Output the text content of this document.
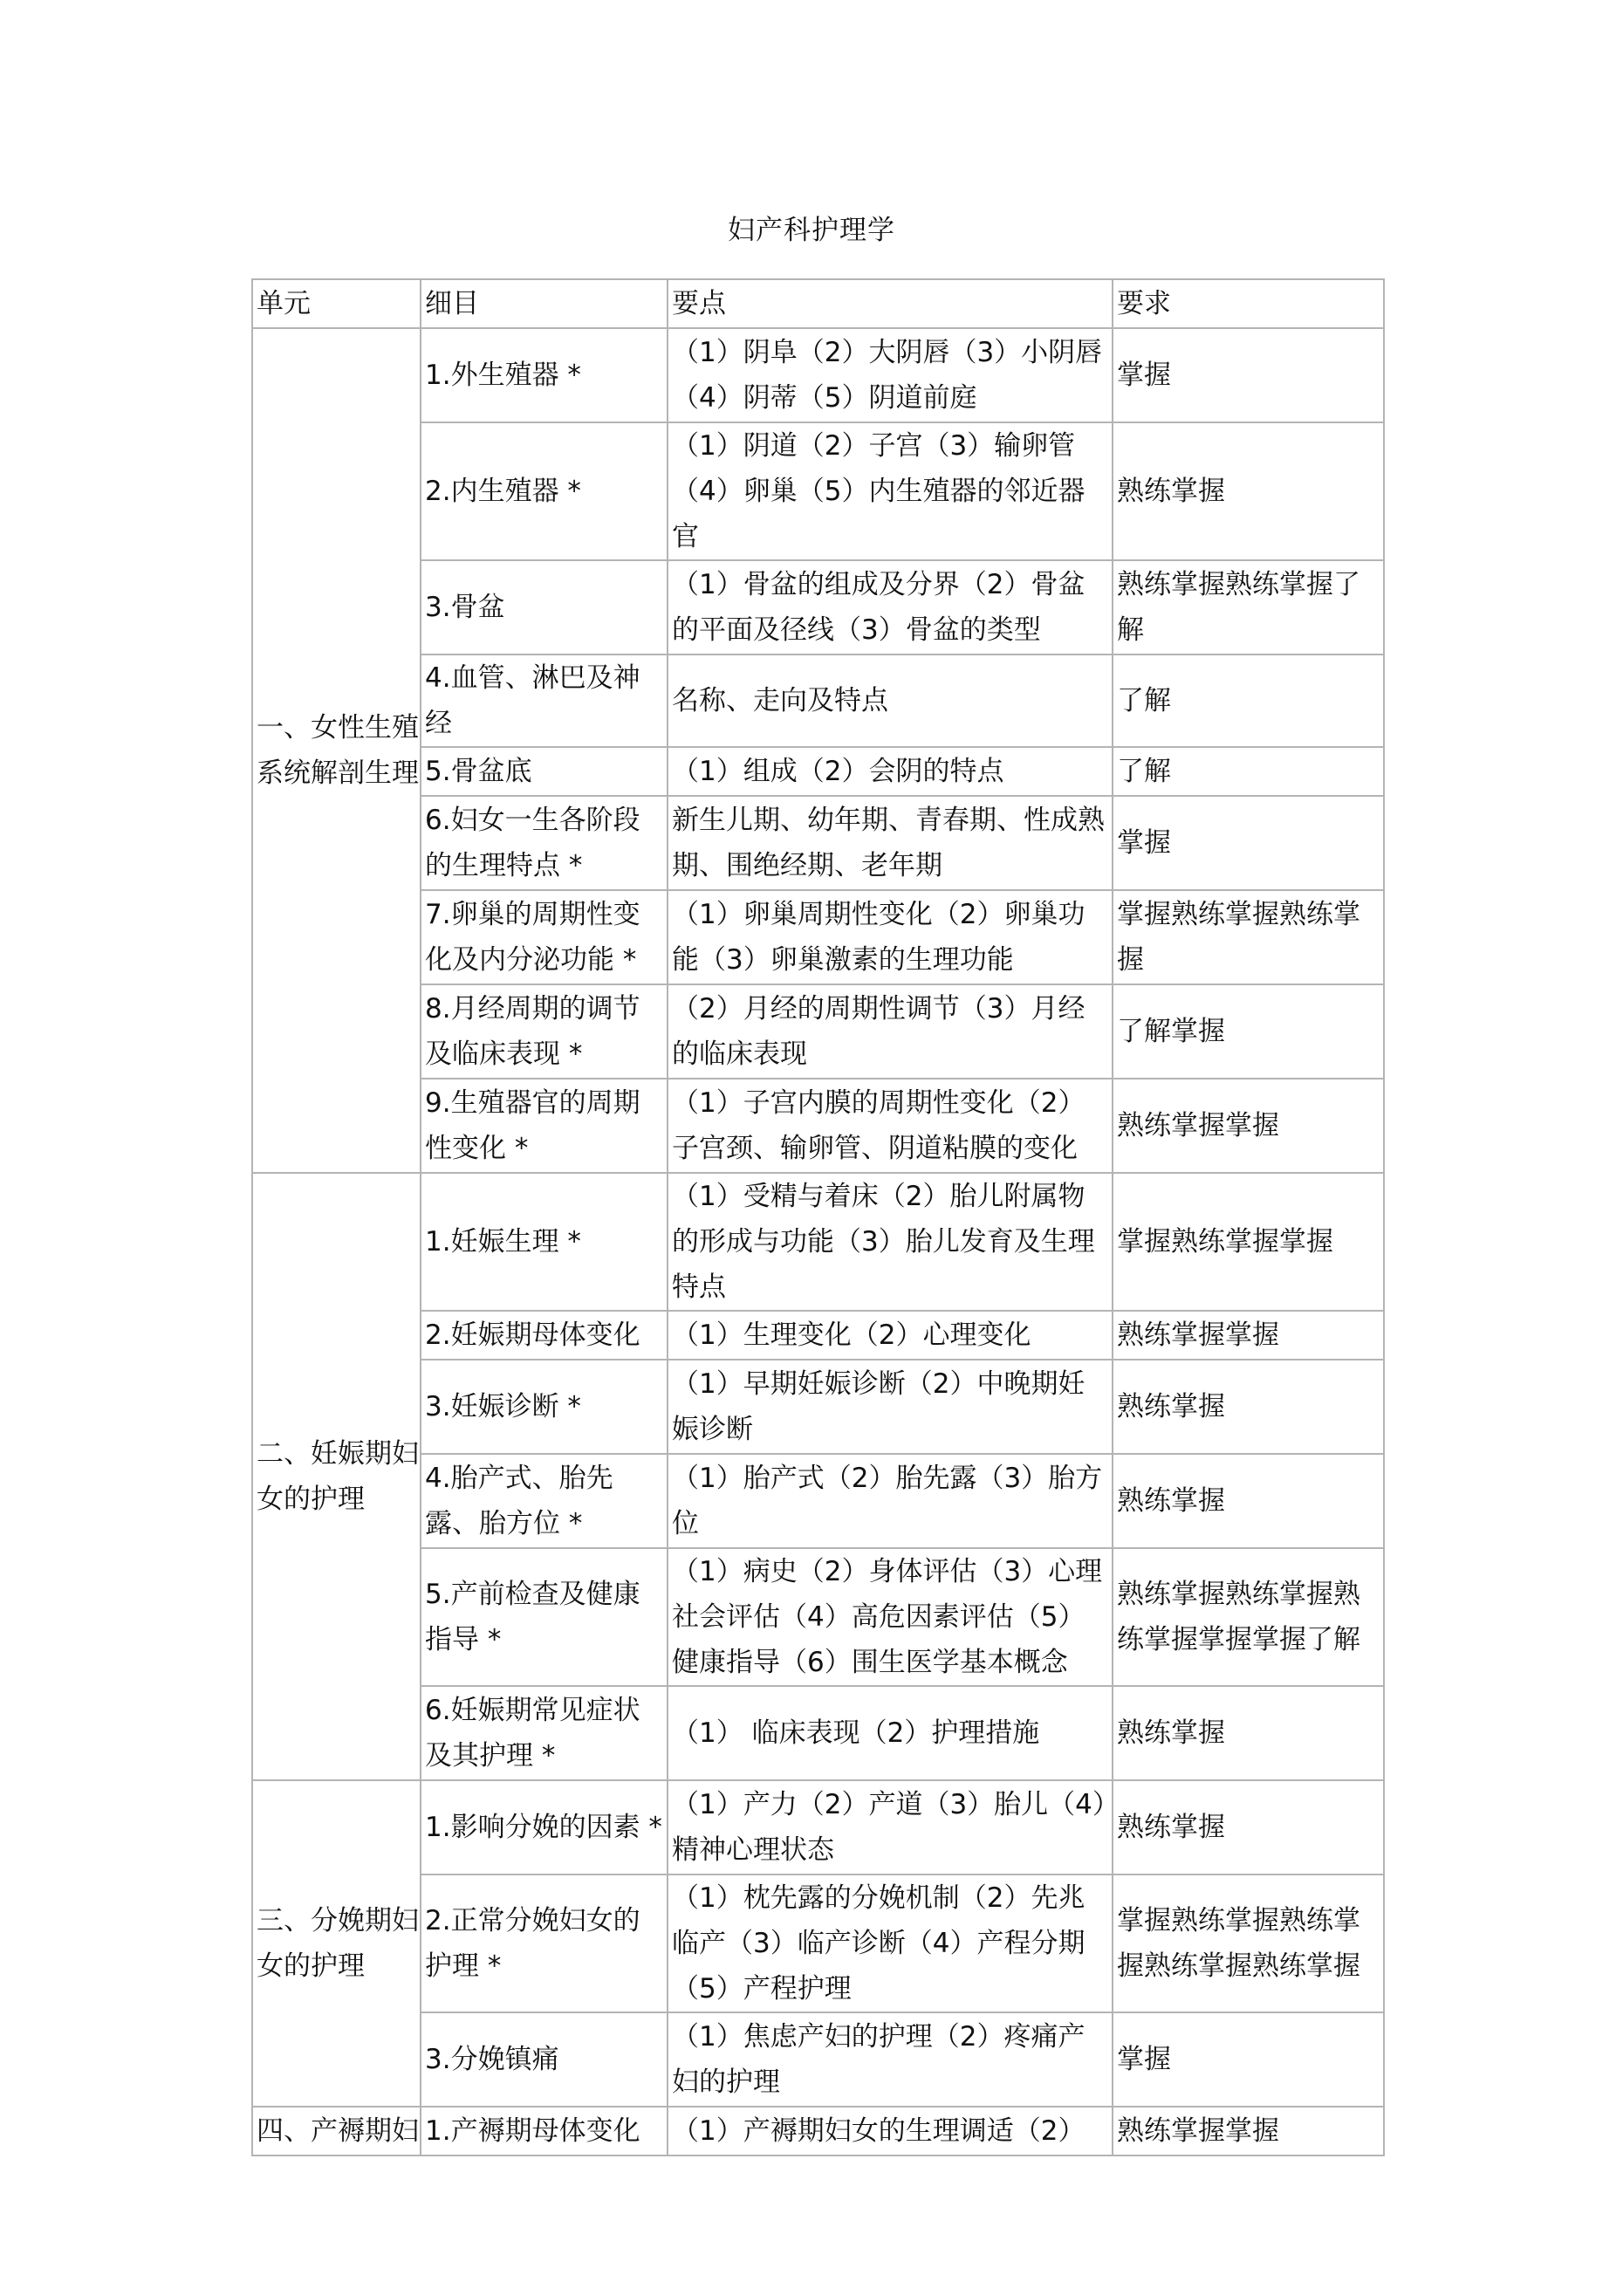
妇产科护理学
单元	细目	要点	要求
一、女性生殖系统解剖生理	1.外生殖器 *	（1）阴阜（2）大阴唇（3）小阴唇（4）阴蒂（5）阴道前庭	掌握
	2.内生殖器 *	（1）阴道（2）子宫（3）输卵管（4）卵巢（5）内生殖器的邻近器官	熟练掌握
	3.骨盆	（1）骨盆的组成及分界（2）骨盆的平面及径线（3）骨盆的类型	熟练掌握熟练掌握了解
	4.血管、淋巴及神经	名称、走向及特点	了解
	5.骨盆底	（1）组成（2）会阴的特点	了解
	6.妇女一生各阶段的生理特点 *	新生儿期、幼年期、青春期、性成熟期、围绝经期、老年期	掌握
	7.卵巢的周期性变化及内分泌功能 *	（1）卵巢周期性变化（2）卵巢功能（3）卵巢激素的生理功能	掌握熟练掌握熟练掌握
	8.月经周期的调节及临床表现 *	（2）月经的周期性调节（3）月经的临床表现	了解掌握
	9.生殖器官的周期性变化 *	（1）子宫内膜的周期性变化（2）子宫颈、输卵管、阴道粘膜的变化	熟练掌握掌握
二、妊娠期妇女的护理	1.妊娠生理 *	（1）受精与着床（2）胎儿附属物的形成与功能（3）胎儿发育及生理特点	掌握熟练掌握掌握
	2.妊娠期母体变化	（1）生理变化（2）心理变化	熟练掌握掌握
	3.妊娠诊断 *	（1）早期妊娠诊断（2）中晚期妊娠诊断	熟练掌握
	4.胎产式、胎先露、胎方位 *	（1）胎产式（2）胎先露（3）胎方位	熟练掌握
	5.产前检查及健康指导 *	（1）病史（2）身体评估（3）心理社会评估（4）高危因素评估（5）健康指导（6）围生医学基本概念	熟练掌握熟练掌握熟练掌握掌握掌握了解
	6.妊娠期常见症状及其护理 *	（1） 临床表现（2）护理措施	熟练掌握
三、分娩期妇女的护理	1.影响分娩的因素 *	（1）产力（2）产道（3）胎儿（4）精神心理状态	熟练掌握
	2.正常分娩妇女的护理 *	（1）枕先露的分娩机制（2）先兆临产（3）临产诊断（4）产程分期（5）产程护理	掌握熟练掌握熟练掌握熟练掌握熟练掌握
	3.分娩镇痛	（1）焦虑产妇的护理（2）疼痛产妇的护理	掌握
四、产褥期妇	1.产褥期母体变化	（1）产褥期妇女的生理调适（2）	熟练掌握掌握
